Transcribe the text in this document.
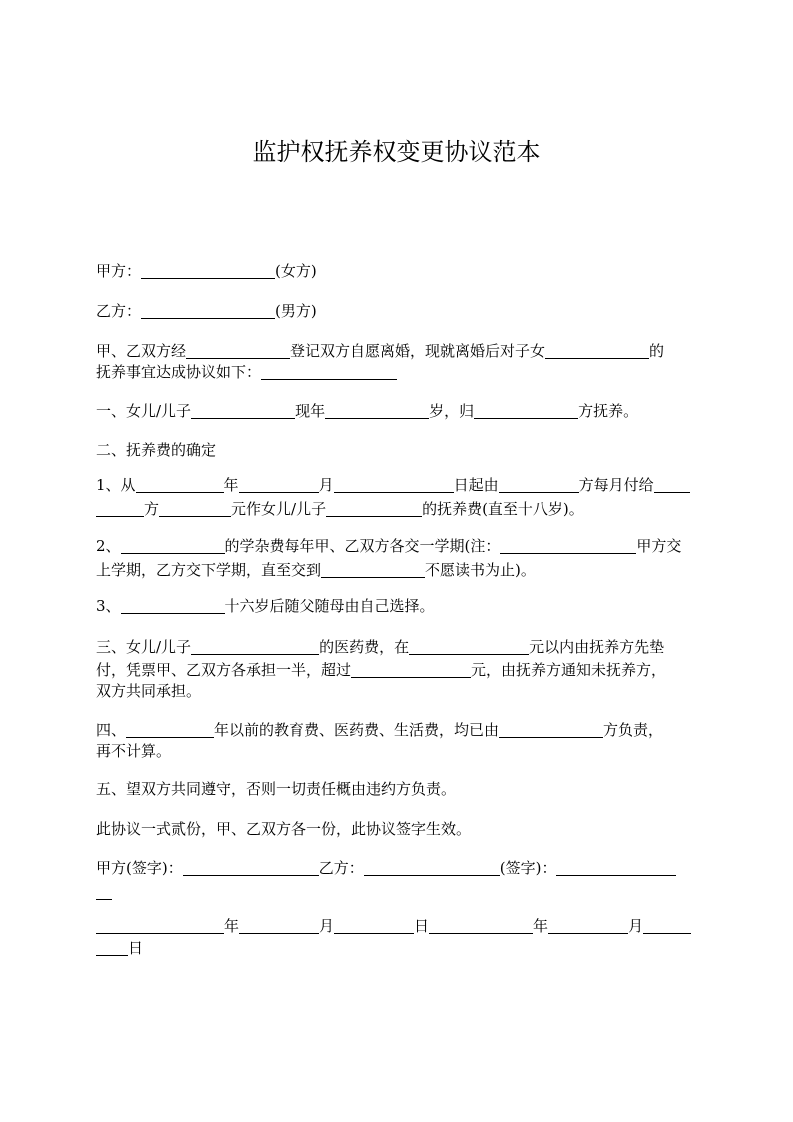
监护权抚养权变更协议范本
甲方：	(女方)
乙方：	(男方)
甲、乙双方经	登记双方自愿离婚，现就离婚后对子女	的
抚养事宜达成协议如下：
一、女儿/儿子	现年	岁，归	方抚养。
二、抚养费的确定
1、从	年	月	日起由	方每月付给
方	元作女儿/儿子	的抚养费(直至十八岁)。
2、	的学杂费每年甲、乙双方各交一学期(注：	甲方交
上学期，乙方交下学期，直至交到	不愿读书为止)。
3、	十六岁后随父随母由自己选择。
三、女儿/儿子	的医药费，在	元以内由抚养方先垫
付，凭票甲、乙双方各承担一半，超过	元，由抚养方通知未抚养方，
双方共同承担。
四、	年以前的教育费、医药费、生活费，均已由	方负责，
再不计算。
五、望双方共同遵守，否则一切责任概由违约方负责。
此协议一式贰份，甲、乙双方各一份，此协议签字生效。
甲方(签字)：	乙方：	(签字)：
年	月	日	年	月
日
